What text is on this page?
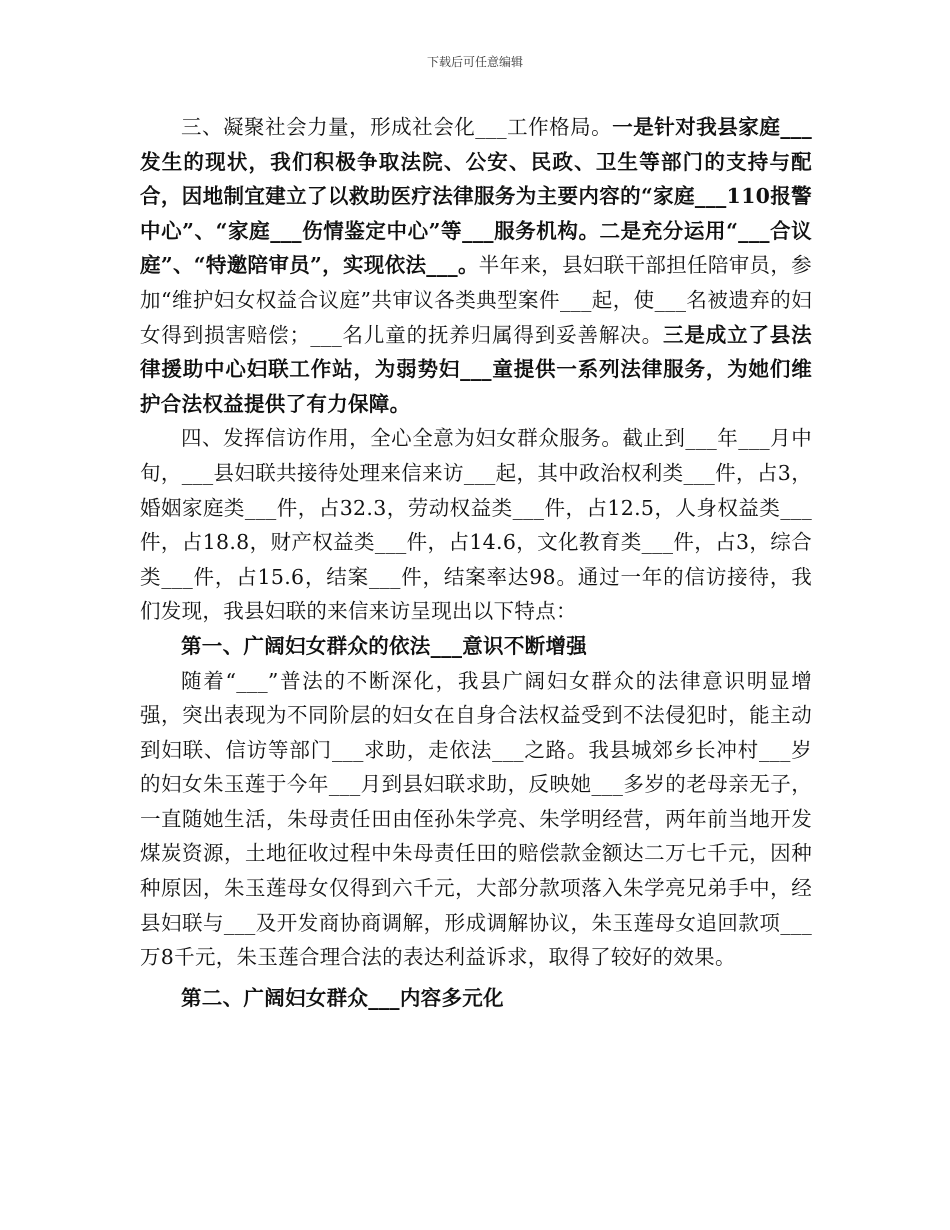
下载后可任意编辑

三、凝聚社会力量，形成社会化___工作格局。一是针对我县家庭___发生的现状，我们积极争取法院、公安、民政、卫生等部门的支持与配合，因地制宜建立了以救助医疗法律服务为主要内容的“家庭___110报警中心”、“家庭___伤情鉴定中心”等___服务机构。二是充分运用“___合议庭”、“特邀陪审员”，实现依法___。半年来，县妇联干部担任陪审员，参加“维护妇女权益合议庭”共审议各类典型案件___起，使___名被遗弃的妇女得到损害赔偿；___名儿童的抚养归属得到妥善解决。三是成立了县法律援助中心妇联工作站，为弱势妇___童提供一系列法律服务，为她们维护合法权益提供了有力保障。

四、发挥信访作用，全心全意为妇女群众服务。截止到___年___月中旬，___县妇联共接待处理来信来访___起，其中政治权利类___件，占3，婚姻家庭类___件，占32.3，劳动权益类___件，占12.5，人身权益类___件，占18.8，财产权益类___件，占14.6，文化教育类___件，占3，综合类___件，占15.6，结案___件，结案率达98。通过一年的信访接待，我们发现，我县妇联的来信来访呈现出以下特点：

第一、广阔妇女群众的依法___意识不断增强

随着“___”普法的不断深化，我县广阔妇女群众的法律意识明显增强，突出表现为不同阶层的妇女在自身合法权益受到不法侵犯时，能主动到妇联、信访等部门___求助，走依法___之路。我县城郊乡长冲村___岁的妇女朱玉莲于今年___月到县妇联求助，反映她___多岁的老母亲无子，一直随她生活，朱母责任田由侄孙朱学亮、朱学明经营，两年前当地开发煤炭资源，土地征收过程中朱母责任田的赔偿款金额达二万七千元，因种种原因，朱玉莲母女仅得到六千元，大部分款项落入朱学亮兄弟手中，经县妇联与___及开发商协商调解，形成调解协议，朱玉莲母女追回款项___万8千元，朱玉莲合理合法的表达利益诉求，取得了较好的效果。

第二、广阔妇女群众___内容多元化
